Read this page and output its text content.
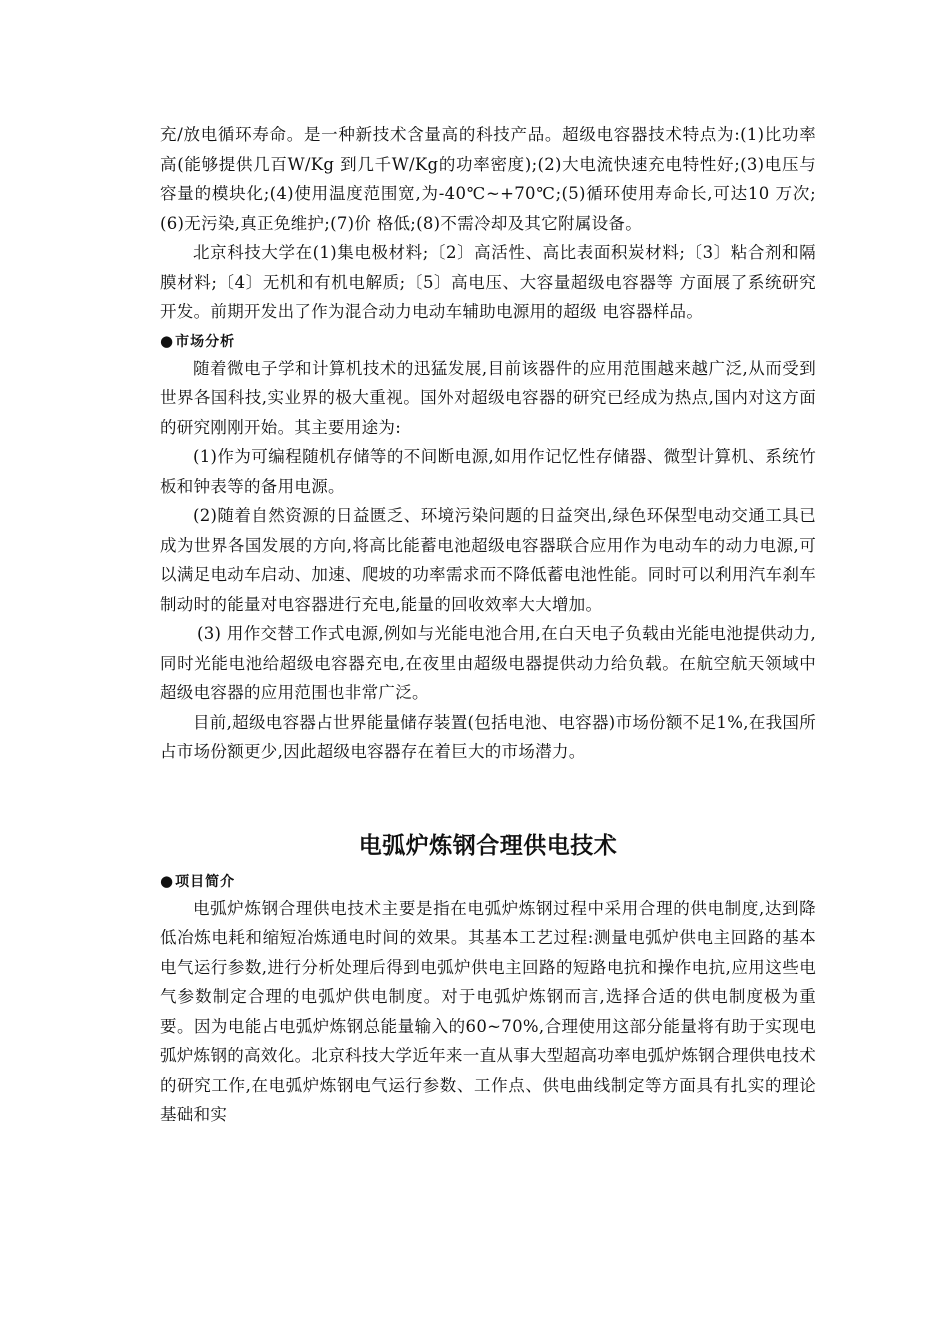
充/放电循环寿命。是一种新技术含量高的科技产品。超级电容器技术特点为:(1)比功率高(能够提供几百W/Kg 到几千W/Kg的功率密度);(2)大电流快速充电特性好;(3)电压与容量的模块化;(4)使用温度范围宽,为-40℃~+70℃;(5)循环使用寿命长,可达10 万次;(6)无污染,真正免维护;(7)价 格低;(8)不需冷却及其它附属设备。

北京科技大学在(1)集电极材料;〔2〕高活性、高比表面积炭材料;〔3〕粘合剂和隔膜材料;〔4〕无机和有机电解质;〔5〕高电压、大容量超级电容器等 方面展了系统研究开发。前期开发出了作为混合动力电动车辅助电源用的超级 电容器样品。

●市场分析

随着微电子学和计算机技术的迅猛发展,目前该器件的应用范围越来越广泛,从而受到世界各国科技,实业界的极大重视。国外对超级电容器的研究已经成为热点,国内对这方面的研究刚刚开始。其主要用途为:

(1)作为可编程随机存储等的不间断电源,如用作记忆性存储器、微型计算机、系统竹板和钟表等的备用电源。

(2)随着自然资源的日益匮乏、环境污染问题的日益突出,绿色环保型电动交通工具已成为世界各国发展的方向,将高比能蓄电池超级电容器联合应用作为电动车的动力电源,可以满足电动车启动、加速、爬坡的功率需求而不降低蓄电池性能。同时可以利用汽车刹车制动时的能量对电容器进行充电,能量的回收效率大大增加。

(3) 用作交替工作式电源,例如与光能电池合用,在白天电子负载由光能电池提供动力,同时光能电池给超级电容器充电,在夜里由超级电器提供动力给负载。在航空航天领域中超级电容器的应用范围也非常广泛。

目前,超级电容器占世界能量储存装置(包括电池、电容器)市场份额不足1%,在我国所占市场份额更少,因此超级电容器存在着巨大的市场潜力。

电弧炉炼钢合理供电技术
●项目简介

电弧炉炼钢合理供电技术主要是指在电弧炉炼钢过程中采用合理的供电制度,达到降低冶炼电耗和缩短冶炼通电时间的效果。其基本工艺过程:测量电弧炉供电主回路的基本电气运行参数,进行分析处理后得到电弧炉供电主回路的短路电抗和操作电抗,应用这些电气参数制定合理的电弧炉供电制度。对于电弧炉炼钢而言,选择合适的供电制度极为重要。因为电能占电弧炉炼钢总能量输入的60~70%,合理使用这部分能量将有助于实现电弧炉炼钢的高效化。北京科技大学近年来一直从事大型超高功率电弧炉炼钢合理供电技术的研究工作,在电弧炉炼钢电气运行参数、工作点、供电曲线制定等方面具有扎实的理论基础和实
